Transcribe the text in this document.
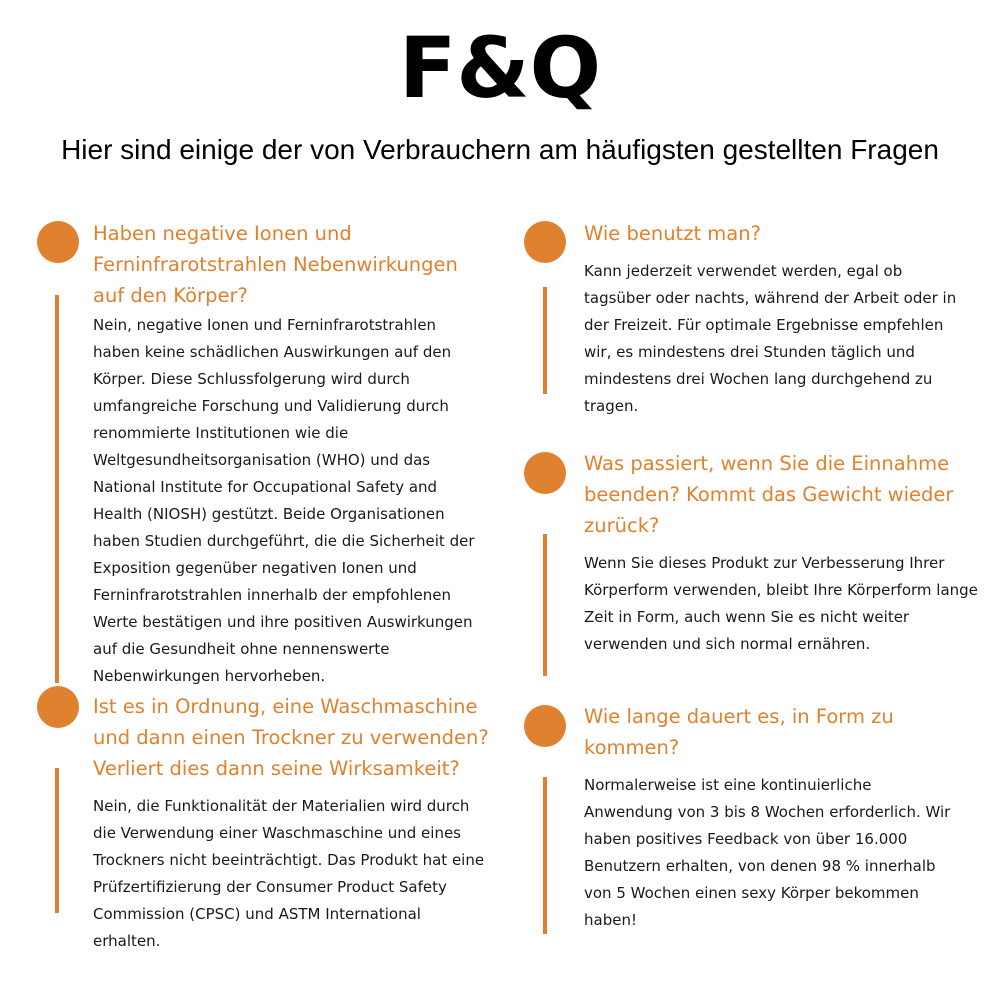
F&Q
Hier sind einige der von Verbrauchern am häufigsten gestellten Fragen
Haben negative Ionen und Ferninfrarotstrahlen Nebenwirkungen auf den Körper?
Nein, negative Ionen und Ferninfrarotstrahlen haben keine schädlichen Auswirkungen auf den Körper. Diese Schlussfolgerung wird durch umfangreiche Forschung und Validierung durch renommierte Institutionen wie die Weltgesundheitsorganisation (WHO) und das National Institute for Occupational Safety and Health (NIOSH) gestützt. Beide Organisationen haben Studien durchgeführt, die die Sicherheit der Exposition gegenüber negativen Ionen und Ferninfrarotstrahlen innerhalb der empfohlenen Werte bestätigen und ihre positiven Auswirkungen auf die Gesundheit ohne nennenswerte Nebenwirkungen hervorheben.
Ist es in Ordnung, eine Waschmaschine und dann einen Trockner zu verwenden? Verliert dies dann seine Wirksamkeit?
Nein, die Funktionalität der Materialien wird durch die Verwendung einer Waschmaschine und eines Trockners nicht beeinträchtigt. Das Produkt hat eine Prüfzertifizierung der Consumer Product Safety Commission (CPSC) und ASTM International erhalten.
Wie benutzt man?
Kann jederzeit verwendet werden, egal ob tagsüber oder nachts, während der Arbeit oder in der Freizeit. Für optimale Ergebnisse empfehlen wir, es mindestens drei Stunden täglich und mindestens drei Wochen lang durchgehend zu tragen.
Was passiert, wenn Sie die Einnahme beenden? Kommt das Gewicht wieder zurück?
Wenn Sie dieses Produkt zur Verbesserung Ihrer Körperform verwenden, bleibt Ihre Körperform lange Zeit in Form, auch wenn Sie es nicht weiter verwenden und sich normal ernähren.
Wie lange dauert es, in Form zu kommen?
Normalerweise ist eine kontinuierliche Anwendung von 3 bis 8 Wochen erforderlich. Wir haben positives Feedback von über 16.000 Benutzern erhalten, von denen 98 % innerhalb von 5 Wochen einen sexy Körper bekommen haben!
